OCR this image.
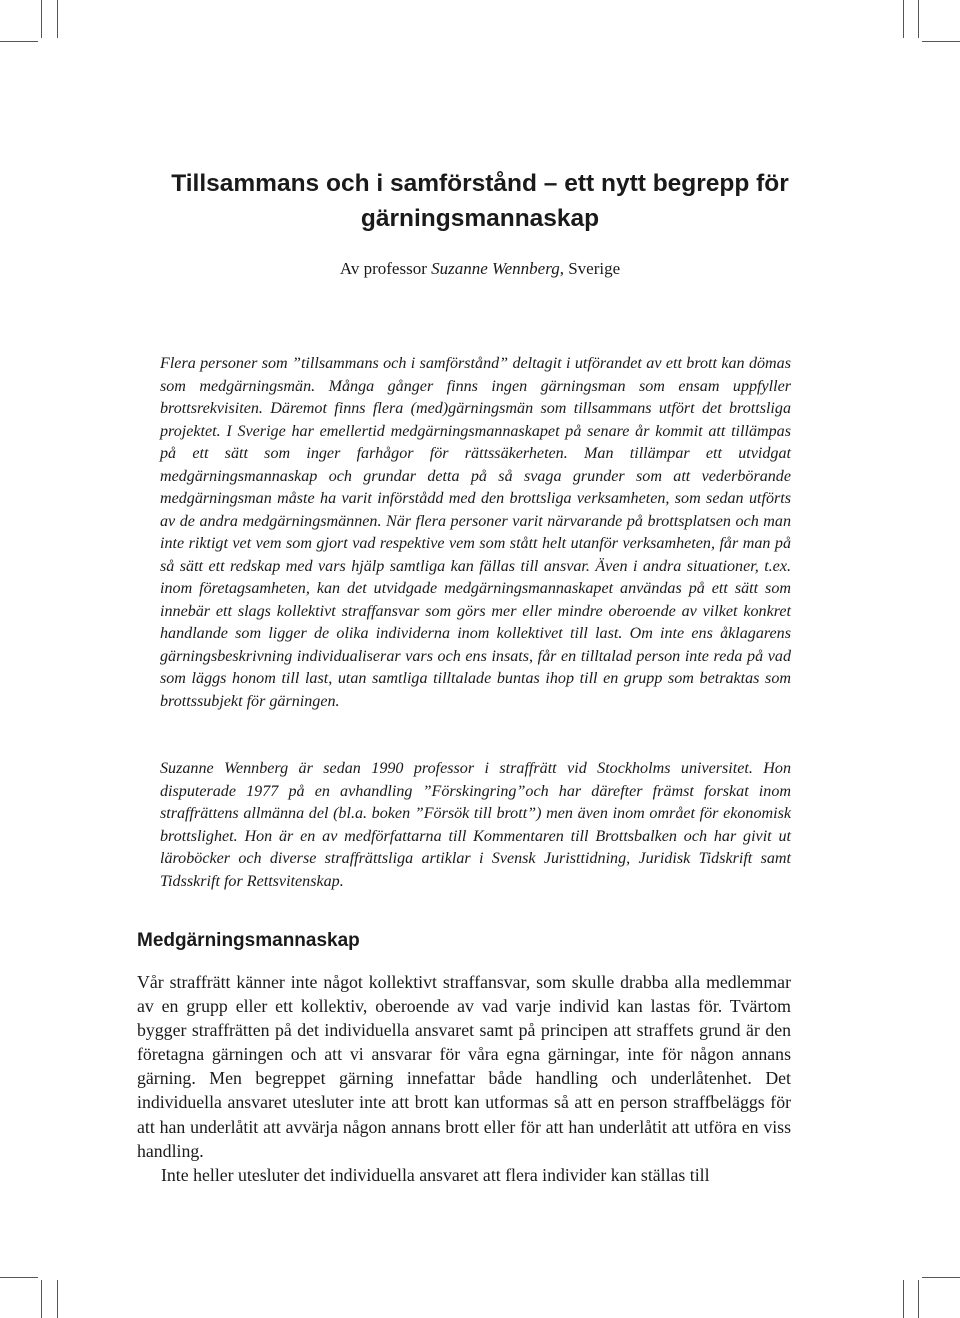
Tillsammans och i samförstånd – ett nytt begrepp för gärningsmannaskap
Av professor Suzanne Wennberg, Sverige

Flera personer som ”tillsammans och i samförstånd” deltagit i utförandet av ett brott kan dömas som medgärningsmän. Många gånger finns ingen gärningsman som ensam uppfyller brottsrekvisiten. Däremot finns flera (med)gärningsmän som tillsammans utfört det brottsliga projektet. I Sverige har emellertid medgärningsmannaskapet på senare år kommit att tillämpas på ett sätt som inger farhågor för rättssäkerheten. Man tillämpar ett utvidgat medgärningsmannaskap och grundar detta på så svaga grunder som att vederbörande medgärningsman måste ha varit införstådd med den brottsliga verksamheten, som sedan utförts av de andra medgärningsmännen. När flera personer varit närvarande på brottsplatsen och man inte riktigt vet vem som gjort vad respektive vem som stått helt utanför verksamheten, får man på så sätt ett redskap med vars hjälp samtliga kan fällas till ansvar. Även i andra situationer, t.ex. inom företagsamheten, kan det utvidgade medgärningsmannaskapet användas på ett sätt som innebär ett slags kollektivt straffansvar som görs mer eller mindre oberoende av vilket konkret handlande som ligger de olika individerna inom kollektivet till last. Om inte ens åklagarens gärningsbeskrivning individualiserar vars och ens insats, får en tilltalad person inte reda på vad som läggs honom till last, utan samtliga tilltalade buntas ihop till en grupp som betraktas som brottssubjekt för gärningen.

Suzanne Wennberg är sedan 1990 professor i straffrätt vid Stockholms universitet. Hon disputerade 1977 på en avhandling ”Förskingring”och har därefter främst forskat inom straffrättens allmänna del (bl.a. boken ”Försök till brott”) men även inom områet för ekonomisk brottslighet. Hon är en av medförfattarna till Kommentaren till Brottsbalken och har givit ut läroböcker och diverse straffrättsliga artiklar i Svensk Juristtidning, Juridisk Tidskrift samt Tidsskrift for Rettsvitenskap.

Medgärningsmannaskap

Vår straffrätt känner inte något kollektivt straffansvar, som skulle drabba alla medlemmar av en grupp eller ett kollektiv, oberoende av vad varje individ kan lastas för. Tvärtom bygger straffrätten på det individuella ansvaret samt på principen att straffets grund är den företagna gärningen och att vi ansvarar för våra egna gärningar, inte för någon annans gärning. Men begreppet gärning innefattar både handling och underlåtenhet. Det individuella ansvaret utesluter inte att brott kan utformas så att en person straffbeläggs för att han underlåtit att avvärja någon annans brott eller för att han underlåtit att utföra en viss handling.

Inte heller utesluter det individuella ansvaret att flera individer kan ställas till
